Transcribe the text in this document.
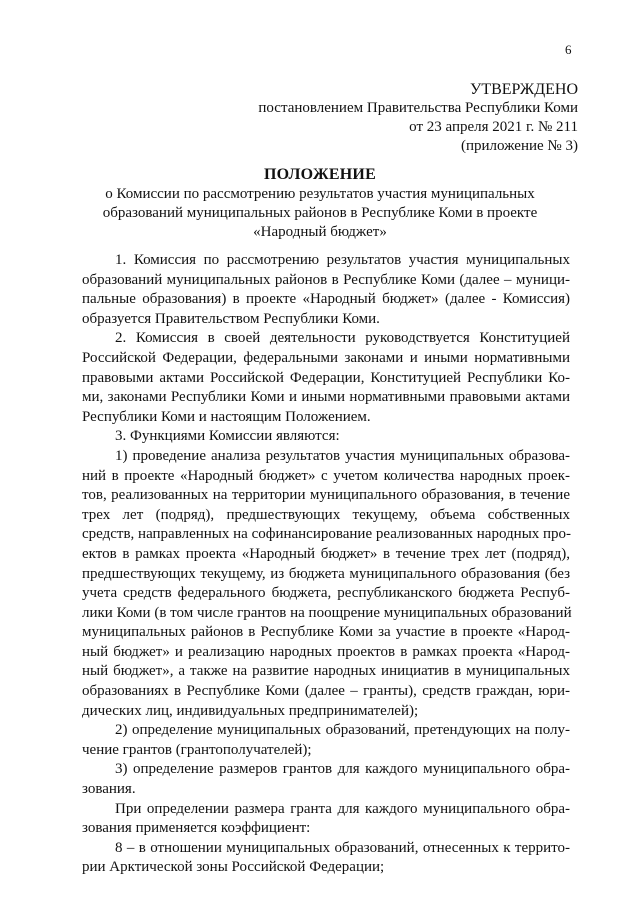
6
УТВЕРЖДЕНО
постановлением Правительства Республики Коми
от 23 апреля 2021 г. № 211
(приложение № 3)
ПОЛОЖЕНИЕ
о Комиссии по рассмотрению результатов участия муниципальных
образований муниципальных районов в Республике Коми в проекте
«Народный бюджет»
1. Комиссия по рассмотрению результатов участия муниципальных
образований муниципальных районов в Республике Коми (далее – муници-
пальные образования) в проекте «Народный бюджет» (далее - Комиссия)
образуется Правительством Республики Коми.
2. Комиссия в своей деятельности руководствуется Конституцией
Российской Федерации, федеральными законами и иными нормативными
правовыми актами Российской Федерации, Конституцией Республики Ко-
ми, законами Республики Коми и иными нормативными правовыми актами
Республики Коми и настоящим Положением.
3. Функциями Комиссии являются:
1) проведение анализа результатов участия муниципальных образова-
ний в проекте «Народный бюджет» с учетом количества народных проек-
тов, реализованных на территории муниципального образования, в течение
трех лет (подряд), предшествующих текущему, объема собственных
средств, направленных на софинансирование реализованных народных про-
ектов в рамках проекта «Народный бюджет» в течение трех лет (подряд),
предшествующих текущему, из бюджета муниципального образования (без
учета средств федерального бюджета, республиканского бюджета Респуб-
лики Коми (в том числе грантов на поощрение муниципальных образований
муниципальных районов в Республике Коми за участие в проекте «Народ-
ный бюджет» и реализацию народных проектов в рамках проекта «Народ-
ный бюджет», а также на развитие народных инициатив в муниципальных
образованиях в Республике Коми (далее – гранты), средств граждан, юри-
дических лиц, индивидуальных предпринимателей);
2) определение муниципальных образований, претендующих на полу-
чение грантов (грантополучателей);
3) определение размеров грантов для каждого муниципального обра-
зования.
При определении размера гранта для каждого муниципального обра-
зования применяется коэффициент:
8 – в отношении муниципальных образований, отнесенных к террито-
рии Арктической зоны Российской Федерации;
